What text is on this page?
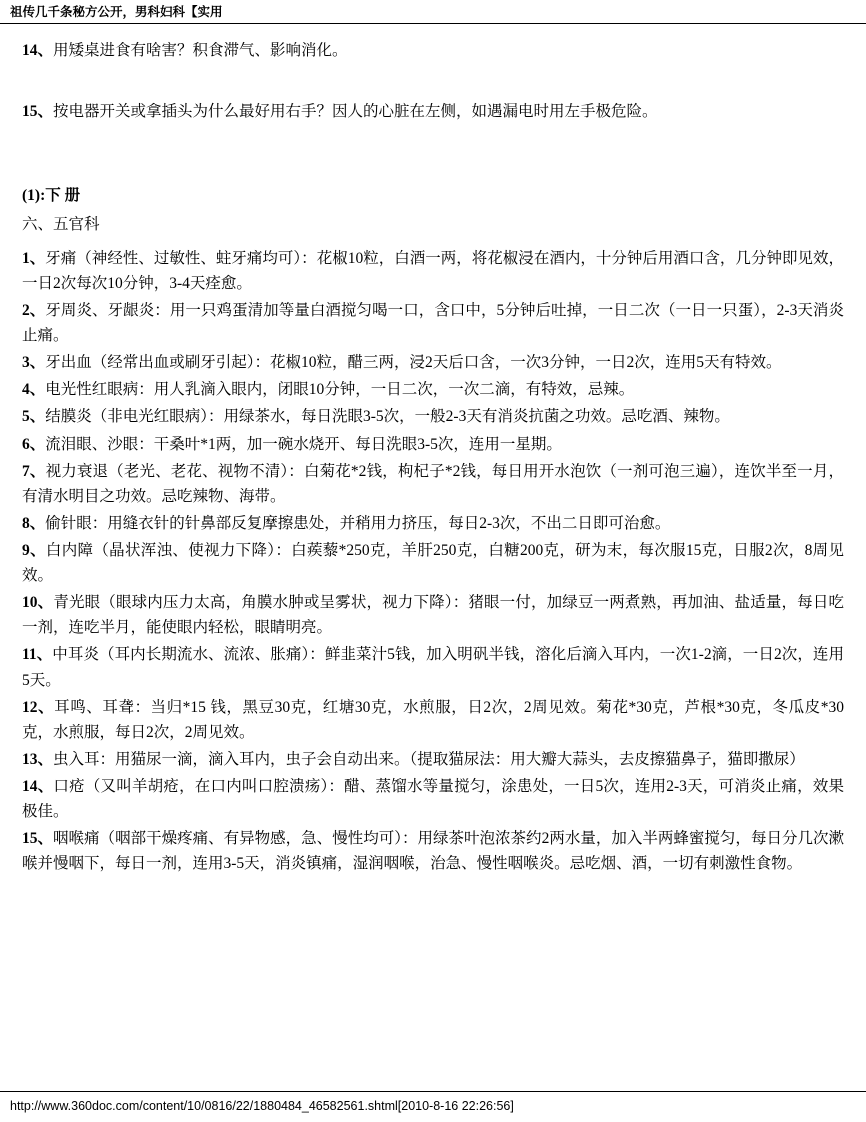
祖传几千条秘方公开，男科妇科【实用

14、用矮桌进食有啥害？积食滞气、影响消化。

15、按电器开关或拿插头为什么最好用右手？因人的心脏在左侧，如遇漏电时用左手极危险。

(1):下 册

六、五官科

1、牙痛（神经性、过敏性、蛀牙痛均可）：花椒10粒，白酒一两，将花椒浸在酒内，十分钟后用酒口含，几分钟即见效，一日2次每次10分钟，3-4天痊愈。

2、牙周炎、牙龈炎：用一只鸡蛋清加等量白酒搅匀喝一口，含口中，5分钟后吐掉，一日二次（一日一只蛋），2-3天消炎止痛。

3、牙出血（经常出血或刷牙引起）：花椒10粒，醋三两，浸2天后口含，一次3分钟，一日2次，连用5天有特效。

4、电光性红眼病：用人乳滴入眼内，闭眼10分钟，一日二次，一次二滴，有特效，忌辣。

5、结膜炎（非电光红眼病）：用绿茶水，每日洗眼3-5次，一般2-3天有消炎抗菌之功效。忌吃酒、辣物。

6、流泪眼、沙眼：干桑叶*1两，加一碗水烧开、每日洗眼3-5次，连用一星期。

7、视力衰退（老光、老花、视物不清）：白菊花*2钱，枸杞子*2钱，每日用开水泡饮（一剂可泡三遍），连饮半至一月，有清水明目之功效。忌吃辣物、海带。

8、偷针眼：用缝衣针的针鼻部反复摩擦患处，并稍用力挤压，每日2-3次，不出二日即可治愈。

9、白内障（晶状浑浊、使视力下降）：白蒺藜*250克，羊肝250克，白糖200克，研为末，每次服15克，日服2次，8周见效。

10、青光眼（眼球内压力太高，角膜水肿或呈雾状，视力下降）：猪眼一付，加绿豆一两煮熟，再加油、盐适量，每日吃一剂，连吃半月，能使眼内轻松，眼睛明亮。

11、中耳炎（耳内长期流水、流浓、胀痛）：鲜韭菜汁5钱，加入明矾半钱，溶化后滴入耳内，一次1-2滴，一日2次，连用5天。

12、耳鸣、耳聋：当归*15 钱，黑豆30克，红塘30克，水煎服，日2次，2周见效。菊花*30克，芦根*30克，冬瓜皮*30克，水煎服，每日2次，2周见效。

13、虫入耳：用猫尿一滴，滴入耳内，虫子会自动出来。（提取猫尿法：用大瓣大蒜头，去皮擦猫鼻子，猫即撒尿）

14、口疮（又叫羊胡疮，在口内叫口腔溃疡）：醋、蒸馏水等量搅匀，涂患处，一日5次，连用2-3天，可消炎止痛，效果极佳。

15、咽喉痛（咽部干燥疼痛、有异物感，急、慢性均可）：用绿茶叶泡浓茶约2两水量，加入半两蜂蜜搅匀，每日分几次漱喉并慢咽下，每日一剂，连用3-5天，消炎镇痛，湿润咽喉，治急、慢性咽喉炎。忌吃烟、酒，一切有刺激性食物。

http://www.360doc.com/content/10/0816/22/1880484_46582561.shtml[2010-8-16 22:26:56]
